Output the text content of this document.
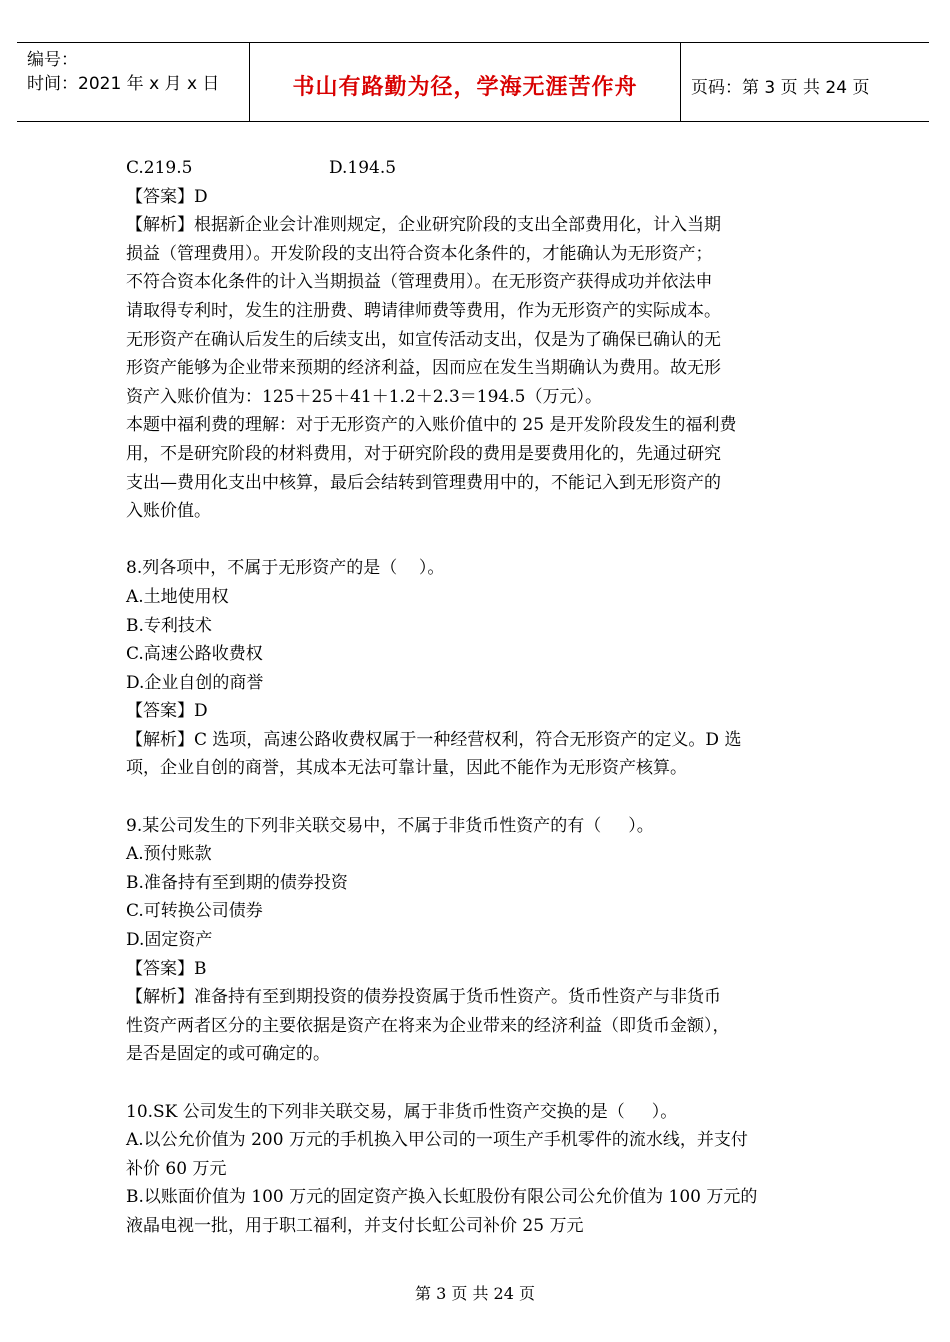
编号：
时间：2021 年 x 月 x 日	书山有路勤为径，学海无涯苦作舟	页码：第 3 页 共 24 页
C.219.5	D.194.5
【答案】D
【解析】根据新企业会计准则规定，企业研究阶段的支出全部费用化，计入当期
损益（管理费用）。开发阶段的支出符合资本化条件的，才能确认为无形资产；
不符合资本化条件的计入当期损益（管理费用）。在无形资产获得成功并依法申
请取得专利时，发生的注册费、聘请律师费等费用，作为无形资产的实际成本。
无形资产在确认后发生的后续支出，如宣传活动支出，仅是为了确保已确认的无
形资产能够为企业带来预期的经济利益，因而应在发生当期确认为费用。故无形
资产入账价值为：125＋25＋41＋1.2＋2.3＝194.5（万元）。
本题中福利费的理解：对于无形资产的入账价值中的 25 是开发阶段发生的福利费
用，不是研究阶段的材料费用，对于研究阶段的费用是要费用化的，先通过研究
支出—费用化支出中核算，最后会结转到管理费用中的，不能记入到无形资产的
入账价值。
8.列各项中，不属于无形资产的是（    ）。
A.土地使用权
B.专利技术
C.高速公路收费权
D.企业自创的商誉
【答案】D
【解析】C 选项，高速公路收费权属于一种经营权利，符合无形资产的定义。D 选
项，企业自创的商誉，其成本无法可靠计量，因此不能作为无形资产核算。
9.某公司发生的下列非关联交易中，不属于非货币性资产的有（     ）。
A.预付账款
B.准备持有至到期的债券投资
C.可转换公司债券
D.固定资产
【答案】B
【解析】准备持有至到期投资的债券投资属于货币性资产。货币性资产与非货币
性资产两者区分的主要依据是资产在将来为企业带来的经济利益（即货币金额），
是否是固定的或可确定的。
10.SK 公司发生的下列非关联交易，属于非货币性资产交换的是（     ）。
A.以公允价值为 200 万元的手机换入甲公司的一项生产手机零件的流水线，并支付
补价 60 万元
B.以账面价值为 100 万元的固定资产换入长虹股份有限公司公允价值为 100 万元的
液晶电视一批，用于职工福利，并支付长虹公司补价 25 万元
第 3 页 共 24 页
